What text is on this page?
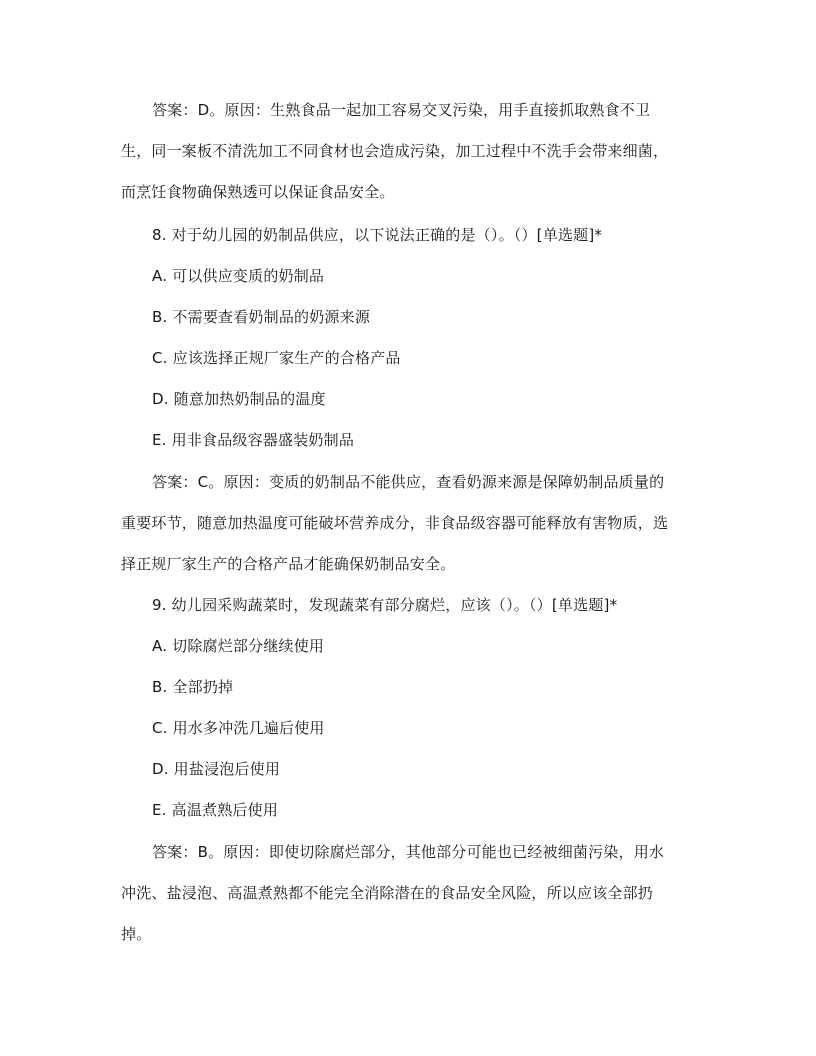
答案：D。原因：生熟食品一起加工容易交叉污染，用手直接抓取熟食不卫
生，同一案板不清洗加工不同食材也会造成污染，加工过程中不洗手会带来细菌，
而烹饪食物确保熟透可以保证食品安全。
8. 对于幼儿园的奶制品供应，以下说法正确的是（）。（）[单选题]*
A. 可以供应变质的奶制品
B. 不需要查看奶制品的奶源来源
C. 应该选择正规厂家生产的合格产品
D. 随意加热奶制品的温度
E. 用非食品级容器盛装奶制品
答案：C。原因：变质的奶制品不能供应，查看奶源来源是保障奶制品质量的
重要环节，随意加热温度可能破坏营养成分，非食品级容器可能释放有害物质，选
择正规厂家生产的合格产品才能确保奶制品安全。
9. 幼儿园采购蔬菜时，发现蔬菜有部分腐烂，应该（）。（）[单选题]*
A. 切除腐烂部分继续使用
B. 全部扔掉
C. 用水多冲洗几遍后使用
D. 用盐浸泡后使用
E. 高温煮熟后使用
答案：B。原因：即使切除腐烂部分，其他部分可能也已经被细菌污染，用水
冲洗、盐浸泡、高温煮熟都不能完全消除潜在的食品安全风险，所以应该全部扔
掉。
